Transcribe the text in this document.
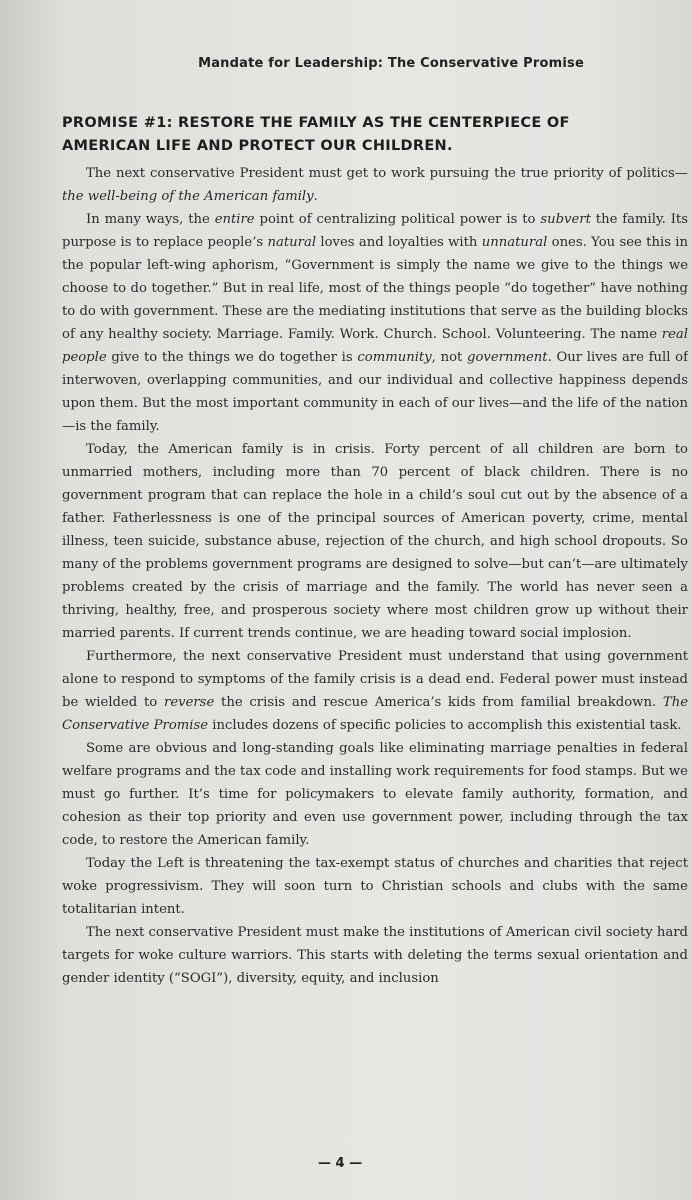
Mandate for Leadership: The Conservative Promise
PROMISE #1: RESTORE THE FAMILY AS THE CENTERPIECE OF AMERICAN LIFE AND PROTECT OUR CHILDREN.

The next conservative President must get to work pursuing the true priority of politics—the well-being of the American family.

In many ways, the entire point of centralizing political power is to subvert the family. Its purpose is to replace people’s natural loves and loyalties with unnatural ones. You see this in the popular left-wing aphorism, “Government is simply the name we give to the things we choose to do together.” But in real life, most of the things people “do together” have nothing to do with government. These are the mediating institutions that serve as the building blocks of any healthy society. Marriage. Family. Work. Church. School. Volunteering. The name real people give to the things we do together is community, not government. Our lives are full of interwoven, overlapping communities, and our individual and collective happiness depends upon them. But the most important community in each of our lives—and the life of the nation—is the family.

Today, the American family is in crisis. Forty percent of all children are born to unmarried mothers, including more than 70 percent of black children. There is no government program that can replace the hole in a child’s soul cut out by the absence of a father. Fatherlessness is one of the principal sources of American poverty, crime, mental illness, teen suicide, substance abuse, rejection of the church, and high school dropouts. So many of the problems government programs are designed to solve—but can’t—are ultimately problems created by the crisis of marriage and the family. The world has never seen a thriving, healthy, free, and prosperous society where most children grow up without their married parents. If current trends continue, we are heading toward social implosion.

Furthermore, the next conservative President must understand that using government alone to respond to symptoms of the family crisis is a dead end. Federal power must instead be wielded to reverse the crisis and rescue America’s kids from familial breakdown. The Conservative Promise includes dozens of specific policies to accomplish this existential task.

Some are obvious and long-standing goals like eliminating marriage penalties in federal welfare programs and the tax code and installing work requirements for food stamps. But we must go further. It’s time for policymakers to elevate family authority, formation, and cohesion as their top priority and even use government power, including through the tax code, to restore the American family.

Today the Left is threatening the tax-exempt status of churches and charities that reject woke progressivism. They will soon turn to Christian schools and clubs with the same totalitarian intent.

The next conservative President must make the institutions of American civil society hard targets for woke culture warriors. This starts with deleting the terms sexual orientation and gender identity (“SOGI”), diversity, equity, and inclusion

— 4 —
